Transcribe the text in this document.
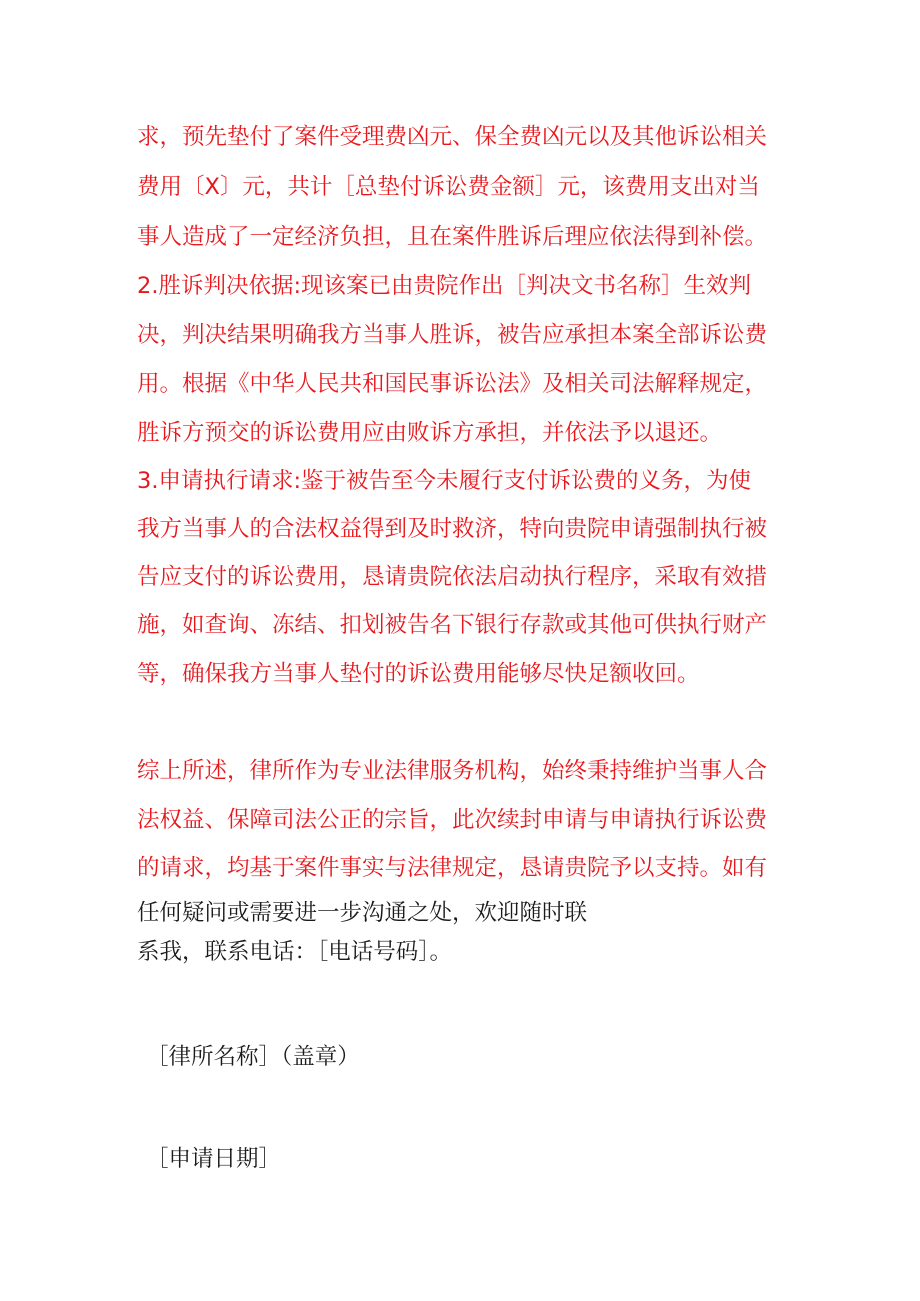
求，预先垫付了案件受理费凶元、保全费凶元以及其他诉讼相关
费用〔X〕元，共计［总垫付诉讼费金额］元，该费用支出对当
事人造成了一定经济负担，且在案件胜诉后理应依法得到补偿。
2.胜诉判决依据:现该案已由贵院作出［判决文书名称］生效判
决，判决结果明确我方当事人胜诉，被告应承担本案全部诉讼费
用。根据《中华人民共和国民事诉讼法》及相关司法解释规定，
胜诉方预交的诉讼费用应由败诉方承担，并依法予以退还。
3.申请执行请求:鉴于被告至今未履行支付诉讼费的义务，为使
我方当事人的合法权益得到及时救济，特向贵院申请强制执行被
告应支付的诉讼费用，恳请贵院依法启动执行程序，采取有效措
施，如查询、冻结、扣划被告名下银行存款或其他可供执行财产
等，确保我方当事人垫付的诉讼费用能够尽快足额收回。
综上所述，律所作为专业法律服务机构，始终秉持维护当事人合
法权益、保障司法公正的宗旨，此次续封申请与申请执行诉讼费
的请求，均基于案件事实与法律规定，恳请贵院予以支持。如有
任何疑问或需要进一步沟通之处，欢迎随时联
系我，联系电话：［电话号码］。
［律所名称］（盖章）
［申请日期］
